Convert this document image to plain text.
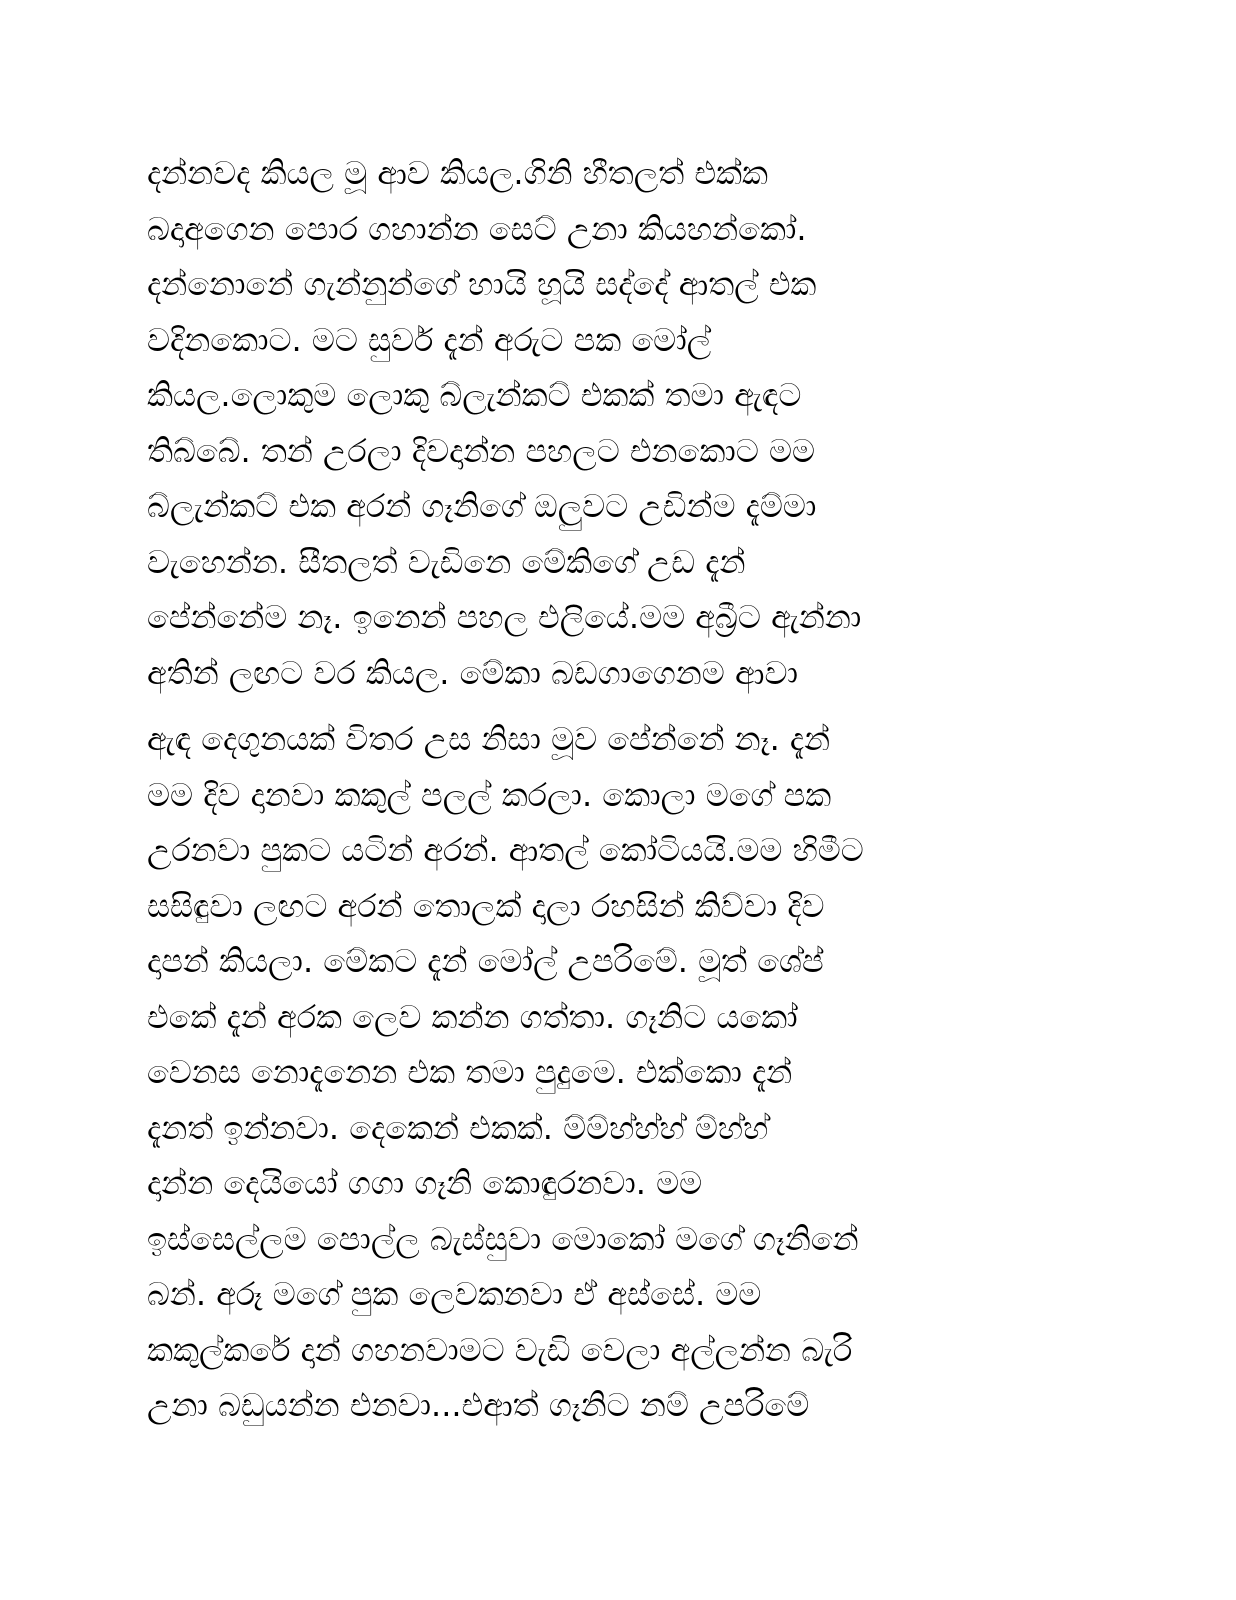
දන්නවද කියල මූ ආව කියල.ගිනි හීතලත් එක්ක
බදාඅගෙන පොර ගහාන්න සෙට් උනා කියහන්කෝ.
දන්නොනේ ගැන්නුන්ගේ හායි හූයි සද්දේ ආතල් එක
වදිනකොට. මට සුවර් දැන් අරුට පක මෝල්
කියල.ලොකුම ලොකු බ්ලැන්කට් එකක් තමා ඇඳට
තිබ්බේ. තන් උරලා දිවදාන්න පහලට එනකොට මම
බ්ලැන්කට් එක අරන් ගෑනිගේ ඔලුවට උඩින්ම දැම්මා
වැහෙන්න. සීතලත් වැඩිනෙ මේකිගේ උඩ දැන්
පේන්නේම නෑ. ඉනෙන් පහල එලියේ.මම අබ්‍රීට ඇන්නා
අතින් ලඟට වර කියල. මේකා බඩගාගෙනම ආවා
ඇඳ දෙගුනයක් විතර උස නිසා මූව පේන්නේ නෑ. දැන්
මම දිව දානවා කකුල් පලල් කරලා. කොලා මගේ පක
උරනවා පුකට යටින් අරන්. ආතල් කෝටියයි.මම හිමීට
සසිඳුවා ලඟට අරන් තොලක් දාලා රහසින් කිව්වා දිව
දාපන් කියලා. මේකට දැන් මෝල් උපරිමේ. මූත් ශේප්
එකේ දැන් අරක ලෙව කන්න ගත්තා. ගෑනිට යකෝ
වෙනස නොදැනෙන එක තමා පුදුමෙ. එක්කො දැන්
දැනත් ඉන්නවා. දෙකෙන් එකක්. ම්ම්හ්හ්හ් ම්හ්හ්
දාන්න දෙයියෝ ගගා ගෑනි කොඳුරනවා. මම
ඉස්සෙල්ලම පොල්ල බැස්සුවා මොකෝ මගේ ගෑනිනේ
බන්. අරූ මගේ පුක ලෙවකනවා ඒ අස්සේ. මම
කකුල්කරේ දාන් ගහනවාමට වැඩි වෙලා අල්ලන්න බැරි
උනා බඩුයන්න එනවා...එආත් ගෑනිට නම් උපරිමේ
